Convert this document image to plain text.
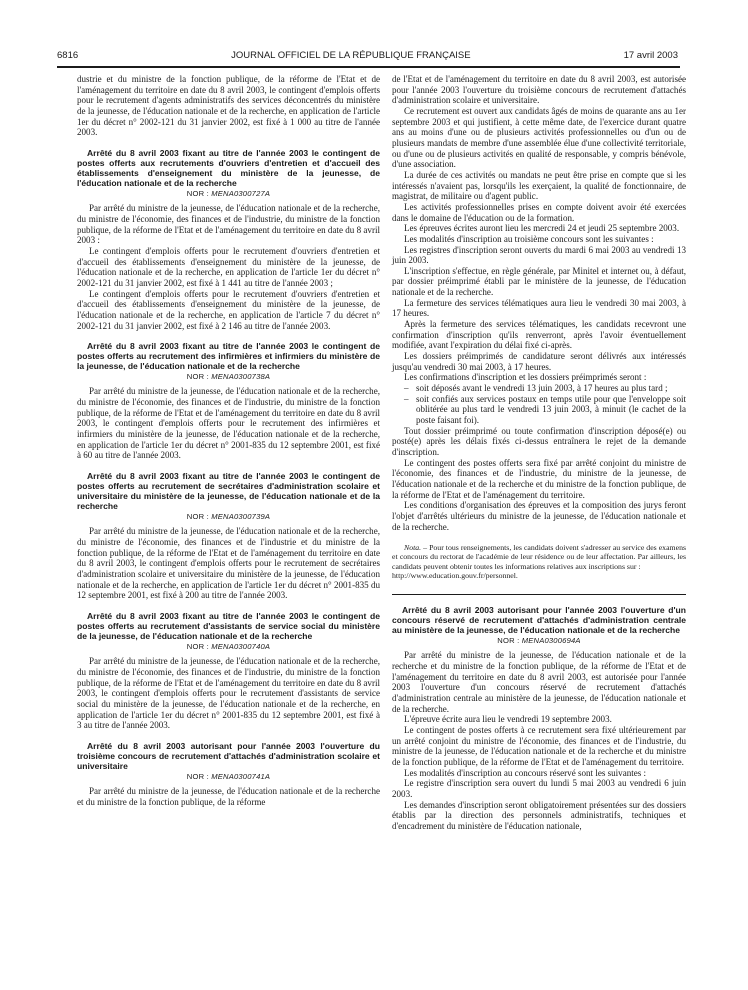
6816	JOURNAL OFFICIEL DE LA RÉPUBLIQUE FRANÇAISE	17 avril 2003

dustrie et du ministre de la fonction publique, de la réforme de l'Etat et de l'aménagement du territoire en date du 8 avril 2003, le contingent d'emplois offerts pour le recrutement d'agents administratifs des services déconcentrés du ministère de la jeunesse, de l'éducation nationale et de la recherche, en application de l'article 1er du décret n° 2002-121 du 31 janvier 2002, est fixé à 1 000 au titre de l'année 2003.

Arrêté du 8 avril 2003 fixant au titre de l'année 2003 le contingent de postes offerts aux recrutements d'ouvriers d'entretien et d'accueil des établissements d'enseignement du ministère de la jeunesse, de l'éducation nationale et de la recherche

NOR : MENA0300727A

Par arrêté du ministre de la jeunesse, de l'éducation nationale et de la recherche, du ministre de l'économie, des finances et de l'industrie, du ministre de la fonction publique, de la réforme de l'Etat et de l'aménagement du territoire en date du 8 avril 2003 :

Le contingent d'emplois offerts pour le recrutement d'ouvriers d'entretien et d'accueil des établissements d'enseignement du ministère de la jeunesse, de l'éducation nationale et de la recherche, en application de l'article 1er du décret n° 2002-121 du 31 janvier 2002, est fixé à 1 441 au titre de l'année 2003 ;

Le contingent d'emplois offerts pour le recrutement d'ouvriers d'entretien et d'accueil des établissements d'enseignement du ministère de la jeunesse, de l'éducation nationale et de la recherche, en application de l'article 7 du décret n° 2002-121 du 31 janvier 2002, est fixé à 2 146 au titre de l'année 2003.

Arrêté du 8 avril 2003 fixant au titre de l'année 2003 le contingent de postes offerts au recrutement des infirmières et infirmiers du ministère de la jeunesse, de l'éducation nationale et de la recherche

NOR : MENA0300738A

Par arrêté du ministre de la jeunesse, de l'éducation nationale et de la recherche, du ministre de l'économie, des finances et de l'industrie, du ministre de la fonction publique, de la réforme de l'Etat et de l'aménagement du territoire en date du 8 avril 2003, le contingent d'emplois offerts pour le recrutement des infirmières et infirmiers du ministère de la jeunesse, de l'éducation nationale et de la recherche, en application de l'article 1er du décret n° 2001-835 du 12 septembre 2001, est fixé à 60 au titre de l'année 2003.

Arrêté du 8 avril 2003 fixant au titre de l'année 2003 le contingent de postes offerts au recrutement de secrétaires d'administration scolaire et universitaire du ministère de la jeunesse, de l'éducation nationale et de la recherche

NOR : MENA0300739A

Par arrêté du ministre de la jeunesse, de l'éducation nationale et de la recherche, du ministre de l'économie, des finances et de l'industrie et du ministre de la fonction publique, de la réforme de l'Etat et de l'aménagement du territoire en date du 8 avril 2003, le contingent d'emplois offerts pour le recrutement de secrétaires d'administration scolaire et universitaire du ministère de la jeunesse, de l'éducation nationale et de la recherche, en application de l'article 1er du décret n° 2001-835 du 12 septembre 2001, est fixé à 200 au titre de l'année 2003.

Arrêté du 8 avril 2003 fixant au titre de l'année 2003 le contingent de postes offerts au recrutement d'assistants de service social du ministère de la jeunesse, de l'éducation nationale et de la recherche

NOR : MENA0300740A

Par arrêté du ministre de la jeunesse, de l'éducation nationale et de la recherche, du ministre de l'économie, des finances et de l'industrie, du ministre de la fonction publique, de la réforme de l'Etat et de l'aménagement du territoire en date du 8 avril 2003, le contingent d'emplois offerts pour le recrutement d'assistants de service social du ministère de la jeunesse, de l'éducation nationale et de la recherche, en application de l'article 1er du décret n° 2001-835 du 12 septembre 2001, est fixé à 3 au titre de l'année 2003.

Arrêté du 8 avril 2003 autorisant pour l'année 2003 l'ouverture du troisième concours de recrutement d'attachés d'administration scolaire et universitaire

NOR : MENA0300741A

Par arrêté du ministre de la jeunesse, de l'éducation nationale et de la recherche et du ministre de la fonction publique, de la réforme

de l'Etat et de l'aménagement du territoire en date du 8 avril 2003, est autorisée pour l'année 2003 l'ouverture du troisième concours de recrutement d'attachés d'administration scolaire et universitaire.

Ce recrutement est ouvert aux candidats âgés de moins de quarante ans au 1er septembre 2003 et qui justifient, à cette même date, de l'exercice durant quatre ans au moins d'une ou de plusieurs activités professionnelles ou d'un ou de plusieurs mandats de membre d'une assemblée élue d'une collectivité territoriale, ou d'une ou de plusieurs activités en qualité de responsable, y compris bénévole, d'une association.

La durée de ces activités ou mandats ne peut être prise en compte que si les intéressés n'avaient pas, lorsqu'ils les exerçaient, la qualité de fonctionnaire, de magistrat, de militaire ou d'agent public.

Les activités professionnelles prises en compte doivent avoir été exercées dans le domaine de l'éducation ou de la formation.

Les épreuves écrites auront lieu les mercredi 24 et jeudi 25 septembre 2003.

Les modalités d'inscription au troisième concours sont les suivantes :

Les registres d'inscription seront ouverts du mardi 6 mai 2003 au vendredi 13 juin 2003.

L'inscription s'effectue, en règle générale, par Minitel et internet ou, à défaut, par dossier préimprimé établi par le ministère de la jeunesse, de l'éducation nationale et de la recherche.

La fermeture des services télématiques aura lieu le vendredi 30 mai 2003, à 17 heures.

Après la fermeture des services télématiques, les candidats recevront une confirmation d'inscription qu'ils renverront, après l'avoir éventuellement modifiée, avant l'expiration du délai fixé ci-après.

Les dossiers préimprimés de candidature seront délivrés aux intéressés jusqu'au vendredi 30 mai 2003, à 17 heures.

Les confirmations d'inscription et les dossiers préimprimés seront :

– soit déposés avant le vendredi 13 juin 2003, à 17 heures au plus tard ;
– soit confiés aux services postaux en temps utile pour que l'enveloppe soit oblitérée au plus tard le vendredi 13 juin 2003, à minuit (le cachet de la poste faisant foi).

Tout dossier préimprimé ou toute confirmation d'inscription déposé(e) ou posté(e) après les délais fixés ci-dessus entraînera le rejet de la demande d'inscription.

Le contingent des postes offerts sera fixé par arrêté conjoint du ministre de l'économie, des finances et de l'industrie, du ministre de la jeunesse, de l'éducation nationale et de la recherche et du ministre de la fonction publique, de la réforme de l'Etat et de l'aménagement du territoire.

Les conditions d'organisation des épreuves et la composition des jurys feront l'objet d'arrêtés ultérieurs du ministre de la jeunesse, de l'éducation nationale et de la recherche.

Nota. – Pour tous renseignements, les candidats doivent s'adresser au service des examens et concours du rectorat de l'académie de leur résidence ou de leur affectation. Par ailleurs, les candidats peuvent obtenir toutes les informations relatives aux inscriptions sur :

http://www.education.gouv.fr/personnel.

Arrêté du 8 avril 2003 autorisant pour l'année 2003 l'ouverture d'un concours réservé de recrutement d'attachés d'administration centrale au ministère de la jeunesse, de l'éducation nationale et de la recherche

NOR : MENA0300694A

Par arrêté du ministre de la jeunesse, de l'éducation nationale et de la recherche et du ministre de la fonction publique, de la réforme de l'Etat et de l'aménagement du territoire en date du 8 avril 2003, est autorisée pour l'année 2003 l'ouverture d'un concours réservé de recrutement d'attachés d'administration centrale au ministère de la jeunesse, de l'éducation nationale et de la recherche.

L'épreuve écrite aura lieu le vendredi 19 septembre 2003.

Le contingent de postes offerts à ce recrutement sera fixé ultérieurement par un arrêté conjoint du ministre de l'économie, des finances et de l'industrie, du ministre de la jeunesse, de l'éducation nationale et de la recherche et du ministre de la fonction publique, de la réforme de l'Etat et de l'aménagement du territoire.

Les modalités d'inscription au concours réservé sont les suivantes :

Le registre d'inscription sera ouvert du lundi 5 mai 2003 au vendredi 6 juin 2003.

Les demandes d'inscription seront obligatoirement présentées sur des dossiers établis par la direction des personnels administratifs, techniques et d'encadrement du ministère de l'éducation nationale,
